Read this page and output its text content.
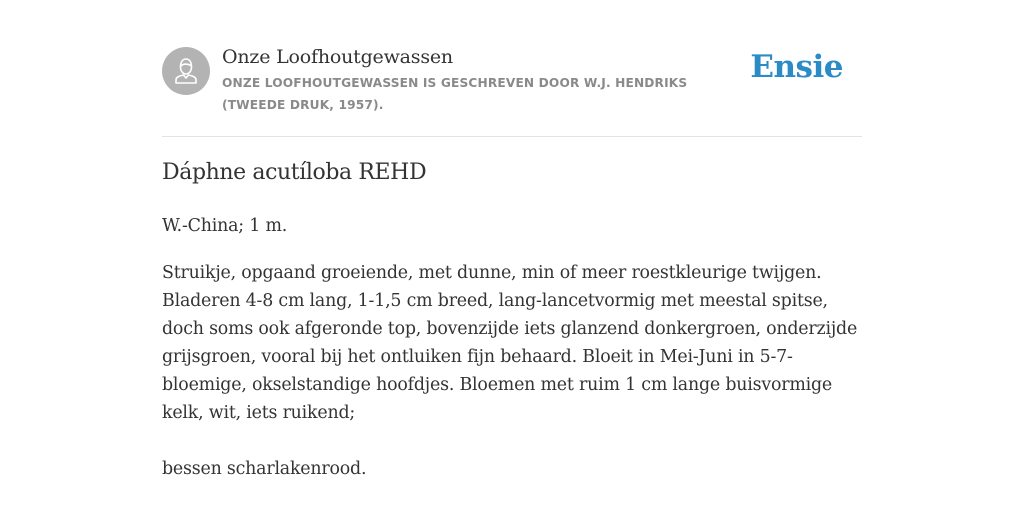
Onze Loofhoutgewassen
ONZE LOOFHOUTGEWASSEN IS GESCHREVEN DOOR W.J. HENDRIKS (TWEEDE DRUK, 1957).
Ensie
Dáphne acutíloba REHD
W.-China; 1 m.
Struikje, opgaand groeiende, met dunne, min of meer roestkleurige twijgen. Bladeren 4-8 cm lang, 1-1,5 cm breed, lang-lancetvormig met meestal spitse, doch soms ook afgeronde top, bovenzijde iets glanzend donkergroen, onderzijde grijsgroen, vooral bij het ontluiken fijn behaard. Bloeit in Mei-Juni in 5-7-bloemige, okselstandige hoofdjes. Bloemen met ruim 1 cm lange buisvormige kelk, wit, iets ruikend;
bessen scharlakenrood.
